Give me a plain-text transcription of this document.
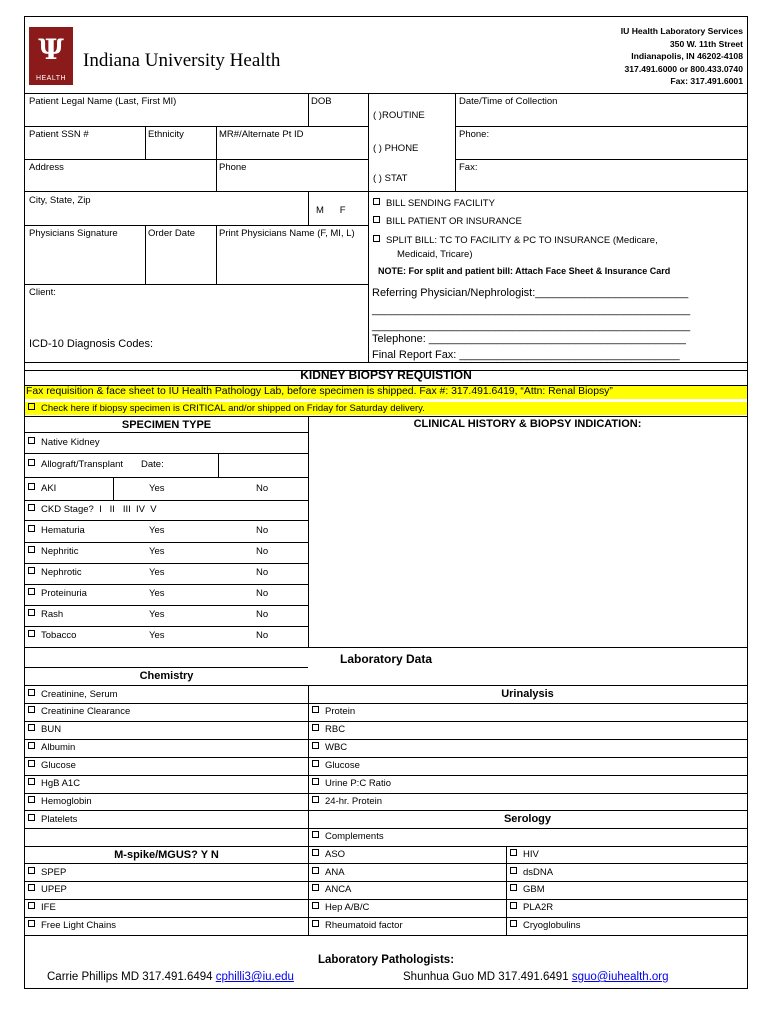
Ψ
HEALTH
Indiana University Health
IU Health Laboratory Services
350 W. 11th Street
Indianapolis, IN 46202-4108
317.491.6000 or 800.433.0740
Fax: 317.491.6001
Patient Legal Name (Last, First MI)	DOB	Date/Time of Collection
Patient SSN #	Ethnicity	MR#/Alternate Pt ID	Phone:
Address	Phone	Fax:
City, State, Zip
M      F
Physicians Signature	Order Date	Print Physicians Name (F, MI, L)
Client:
ICD-10 Diagnosis Codes:
( )ROUTINE
( ) PHONE
( ) STAT
BILL SENDING FACILITY
BILL PATIENT OR INSURANCE
SPLIT BILL: TC TO FACILITY & PC TO INSURANCE (Medicare,
Medicaid, Tricare)
NOTE: For split and patient bill: Attach Face Sheet & Insurance Card
Referring Physician/Nephrologist:_________________________
____________________________________________________
____________________________________________________
Telephone: __________________________________________
Final Report Fax: ____________________________________
KIDNEY BIOPSY REQUISTION
Fax requisition & face sheet to IU Health Pathology Lab, before specimen is shipped. Fax #: 317.491.6419, “Attn: Renal Biopsy”
Check here if biopsy specimen is CRITICAL and/or shipped on Friday for Saturday delivery.
SPECIMEN TYPE	CLINICAL HISTORY & BIOPSY INDICATION:
Native Kidney
Allograft/Transplant Date:
AKI	Yes	No
CKD Stage?  I   II   III  IV  V
Hematuria	Yes	No
Nephritic	Yes	No
Nephrotic	Yes	No
Proteinuria	Yes	No
Rash	Yes	No
Tobacco	Yes	No
Laboratory Data
Chemistry
Creatinine, Serum
Creatinine Clearance
BUN
Albumin
Glucose
HgB A1C
Hemoglobin
Platelets
Urinalysis
Protein
RBC
WBC
Glucose
Urine P:C Ratio
24-hr. Protein
Serology
Complements
M-spike/MGUS? Y N
SPEP
UPEP
IFE
Free Light Chains
ASO
ANA
ANCA
Hep A/B/C
Rheumatoid factor
HIV
dsDNA
GBM
PLA2R
Cryoglobulins
Laboratory Pathologists:
Carrie Phillips MD 317.491.6494 cphilli3@iu.edu	Shunhua Guo MD 317.491.6491 sguo@iuhealth.org
